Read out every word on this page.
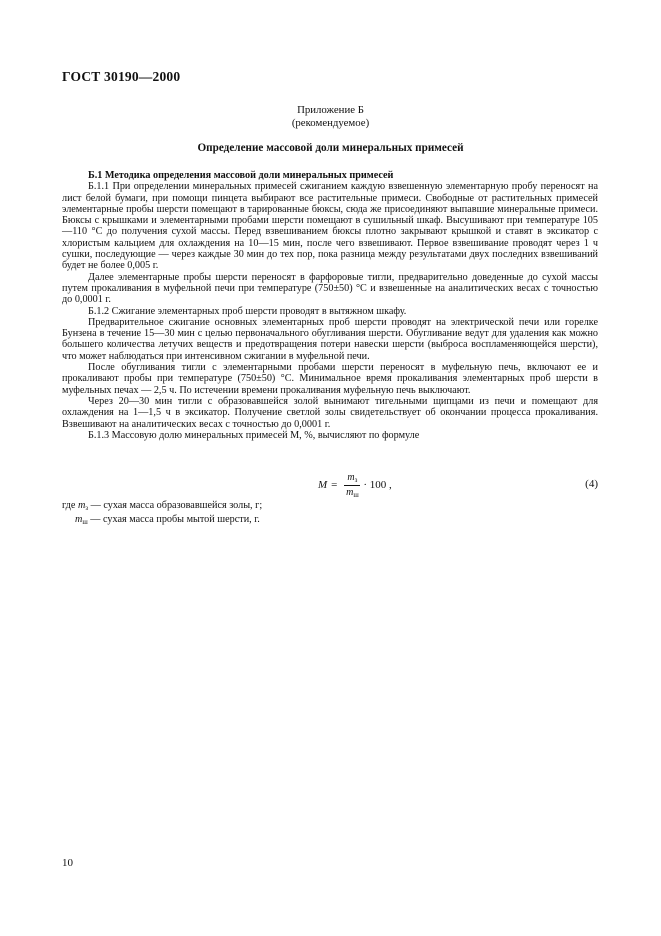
ГОСТ 30190—2000
Приложение Б
(рекомендуемое)
Определение массовой доли минеральных примесей
Б.1 Методика определения массовой доли минеральных примесей

Б.1.1 При определении минеральных примесей сжиганием каждую взвешенную элементарную пробу переносят на лист белой бумаги, при помощи пинцета выбирают все растительные примеси. Свободные от растительных примесей элементарные пробы шерсти помещают в тарированные бюксы, сюда же присоединяют выпавшие минеральные примеси. Бюксы с крышками и элементарными пробами шерсти помещают в сушильный шкаф. Высушивают при температуре 105—110 °С до получения сухой массы. Перед взвешиванием бюксы плотно закрывают крышкой и ставят в эксикатор с хлористым кальцием для охлаждения на 10—15 мин, после чего взвешивают. Первое взвешивание проводят через 1 ч сушки, последующие — через каждые 30 мин до тех пор, пока разница между результатами двух последних взвешиваний будет не более 0,005 г.

Далее элементарные пробы шерсти переносят в фарфоровые тигли, предварительно доведенные до сухой массы путем прокаливания в муфельной печи при температуре (750±50) °С и взвешенные на аналитических весах с точностью до 0,0001 г.

Б.1.2 Сжигание элементарных проб шерсти проводят в вытяжном шкафу.

Предварительное сжигание основных элементарных проб шерсти проводят на электрической печи или горелке Бунзена в течение 15—30 мин с целью первоначального обугливания шерсти. Обугливание ведут для удаления как можно большего количества летучих веществ и предотвращения потери навески шерсти (выброса воспламеняющейся шерсти), что может наблюдаться при интенсивном сжигании в муфельной печи.

После обугливания тигли с элементарными пробами шерсти переносят в муфельную печь, включают ее и прокаливают пробы при температуре (750±50) °С. Минимальное время прокаливания элементарных проб шерсти в муфельных печах — 2,5 ч. По истечении времени прокаливания муфельную печь выключают.

Через 20—30 мин тигли с образовавшейся золой вынимают тигельными щипцами из печи и помещают для охлаждения на 1—1,5 ч в эксикатор. Получение светлой золы свидетельствует об окончании процесса прокаливания. Взвешивают на аналитических весах с точностью до 0,0001 г.

Б.1.3 Массовую долю минеральных примесей М, %, вычисляют по формуле

$M = \frac{m_з}{m_ш} \cdot 100$ ,	(4)
где $m_з$ — сухая масса образовавшейся золы, г;
$m_ш$ — сухая масса пробы мытой шерсти, г.
10
